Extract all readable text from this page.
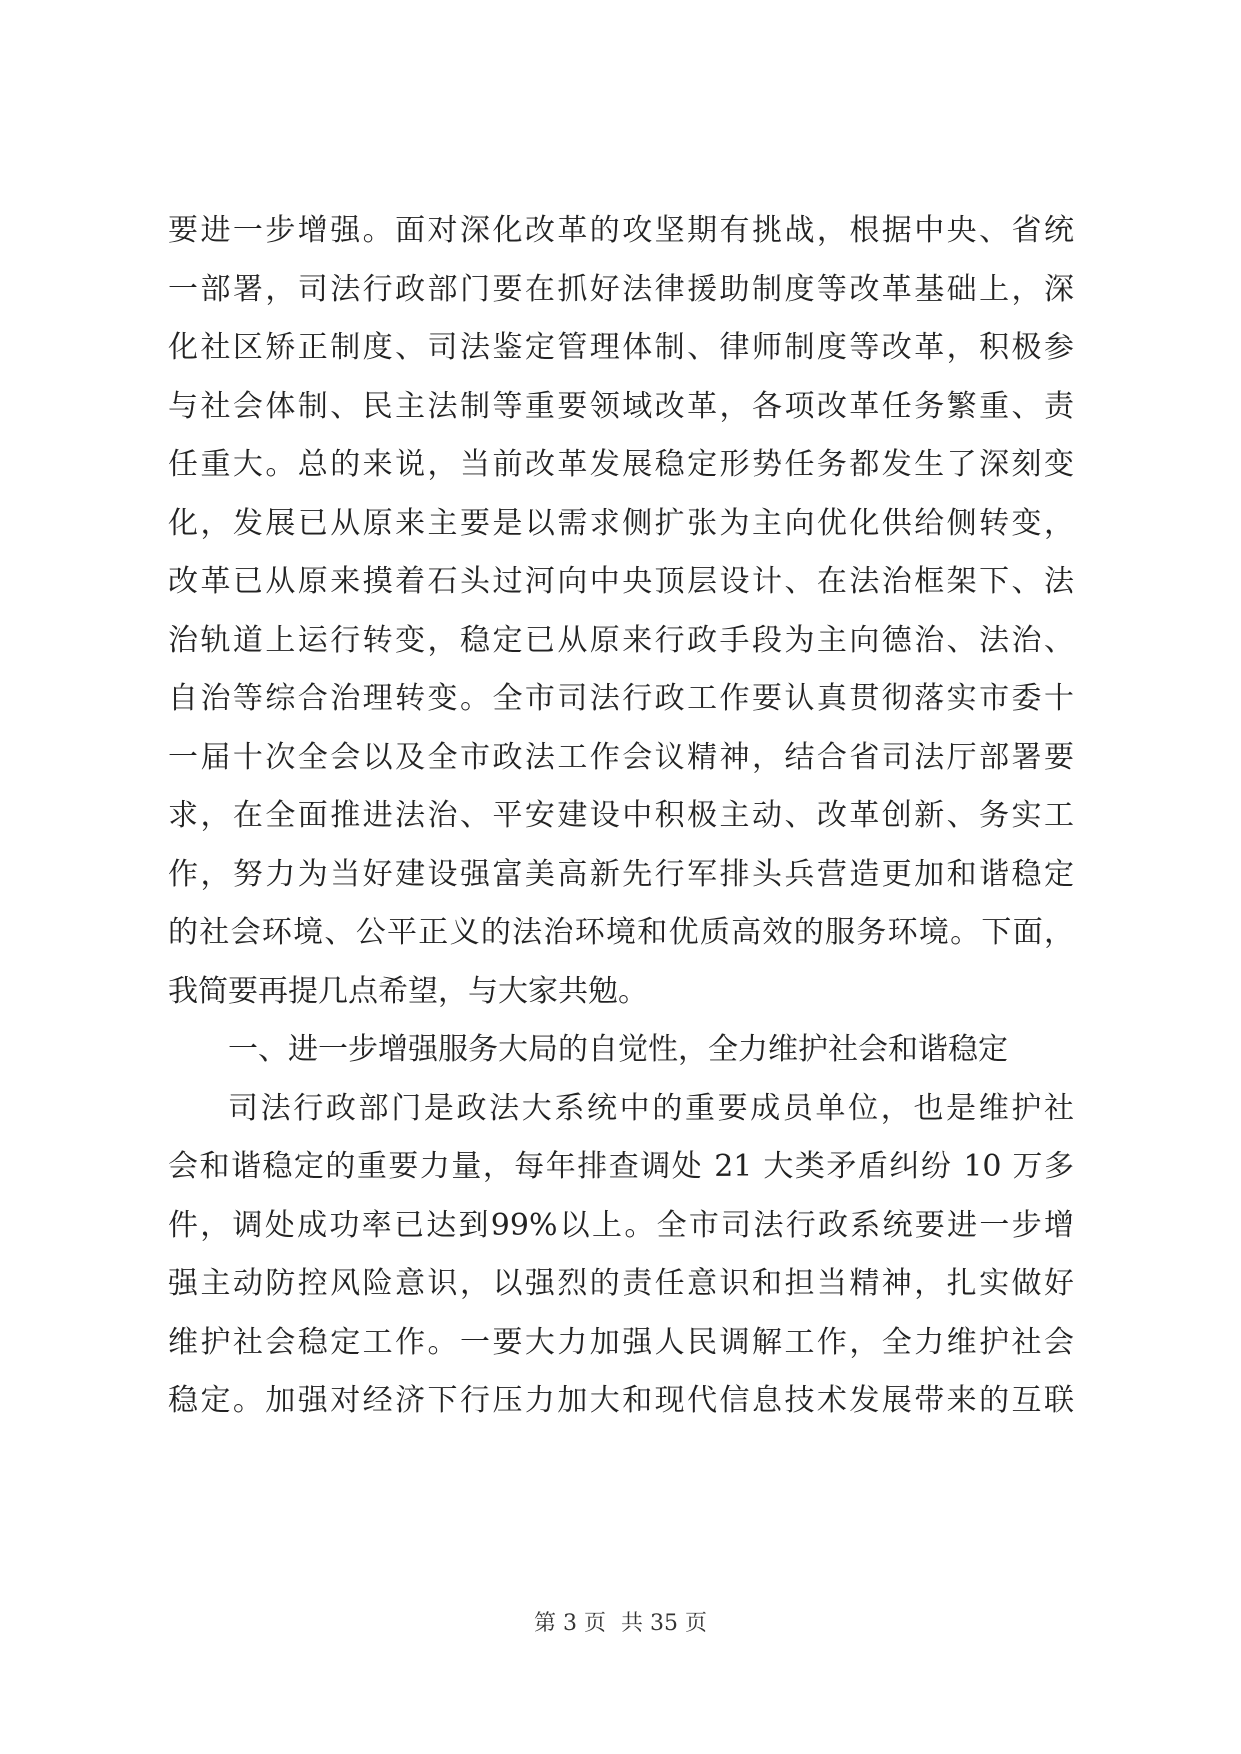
要进一步增强。面对深化改革的攻坚期有挑战，根据中央、省统
一部署，司法行政部门要在抓好法律援助制度等改革基础上，深
化社区矫正制度、司法鉴定管理体制、律师制度等改革，积极参
与社会体制、民主法制等重要领域改革，各项改革任务繁重、责
任重大。总的来说，当前改革发展稳定形势任务都发生了深刻变
化，发展已从原来主要是以需求侧扩张为主向优化供给侧转变，
改革已从原来摸着石头过河向中央顶层设计、在法治框架下、法
治轨道上运行转变，稳定已从原来行政手段为主向德治、法治、
自治等综合治理转变。全市司法行政工作要认真贯彻落实市委十
一届十次全会以及全市政法工作会议精神，结合省司法厅部署要
求，在全面推进法治、平安建设中积极主动、改革创新、务实工
作，努力为当好建设强富美高新先行军排头兵营造更加和谐稳定
的社会环境、公平正义的法治环境和优质高效的服务环境。下面，
我简要再提几点希望，与大家共勉。
一、进一步增强服务大局的自觉性，全力维护社会和谐稳定
司法行政部门是政法大系统中的重要成员单位，也是维护社
会和谐稳定的重要力量，每年排查调处 21 大类矛盾纠纷 10 万多
件，调处成功率已达到99%以上。全市司法行政系统要进一步增
强主动防控风险意识，以强烈的责任意识和担当精神，扎实做好
维护社会稳定工作。一要大力加强人民调解工作，全力维护社会
稳定。加强对经济下行压力加大和现代信息技术发展带来的互联
第 3 页 共 35 页
